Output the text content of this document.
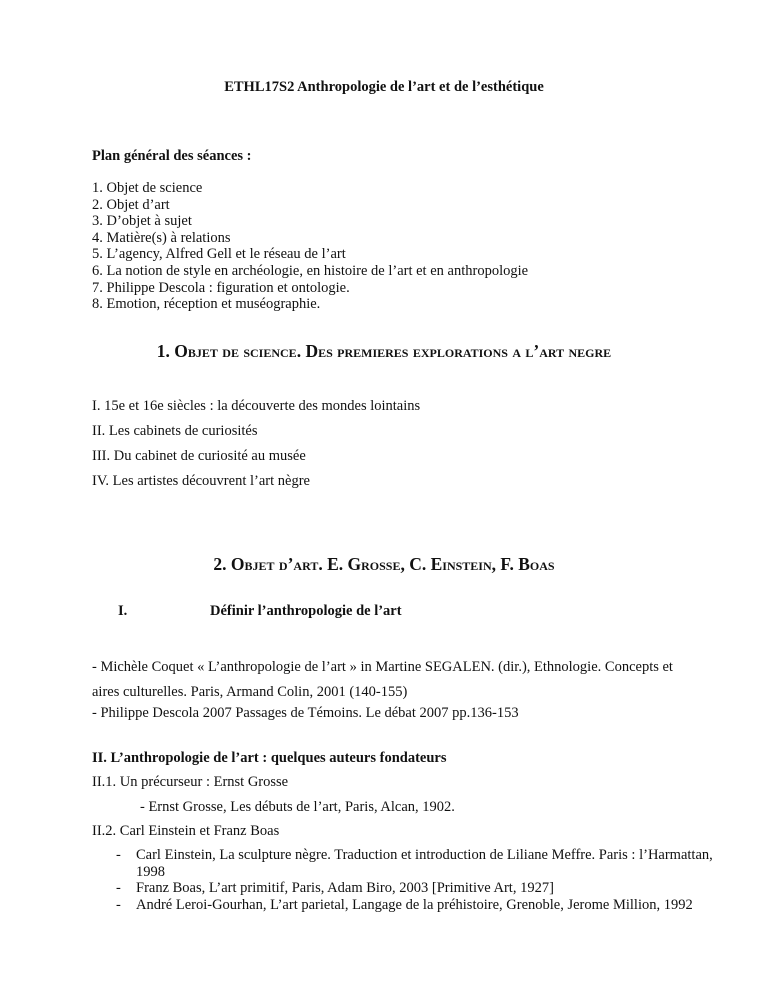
ETHL17S2 Anthropologie de l’art et de l’esthétique
Plan général des séances :
1. Objet de science
2. Objet d’art
3. D’objet à sujet
4. Matière(s) à relations
5. L’agency, Alfred Gell et le réseau de l’art
6. La notion de style en archéologie, en histoire de l’art et en anthropologie
7. Philippe Descola : figuration et ontologie.
8. Emotion, réception et muséographie.
1. Objet de science. Des premieres explorations a l’art negre
I. 15e et 16e siècles : la découverte des mondes lointains
II. Les cabinets de curiosités
III. Du cabinet de curiosité au musée
IV. Les artistes découvrent l’art nègre
2. Objet d’art. E. Grosse, C. Einstein, F. Boas
I.	Définir l’anthropologie de l’art
- Michèle Coquet « L’anthropologie de l’art » in Martine SEGALEN. (dir.), Ethnologie. Concepts et aires culturelles. Paris, Armand Colin, 2001 (140-155)
- Philippe Descola 2007 Passages de Témoins. Le débat 2007 pp.136-153
II. L’anthropologie de l’art : quelques auteurs fondateurs
II.1. Un précurseur : Ernst Grosse
- Ernst Grosse, Les débuts de l’art, Paris, Alcan, 1902.
II.2. Carl Einstein et Franz Boas
- Carl Einstein, La sculpture nègre. Traduction et introduction de Liliane Meffre. Paris : l’Harmattan, 1998
- Franz Boas, L’art primitif, Paris, Adam Biro, 2003 [Primitive Art, 1927]
- André Leroi-Gourhan, L’art parietal, Langage de la préhistoire, Grenoble, Jerome Million, 1992
